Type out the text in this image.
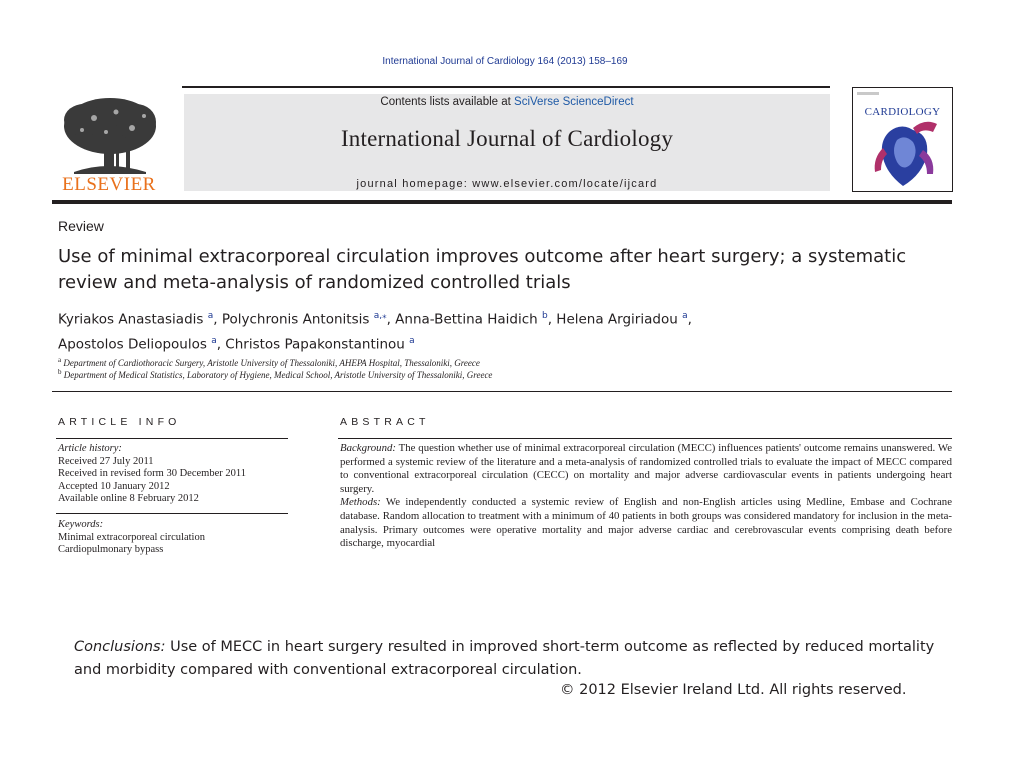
International Journal of Cardiology 164 (2013) 158–169
ELSEVIER
Contents lists available at SciVerse ScienceDirect
International Journal of Cardiology
journal homepage: www.elsevier.com/locate/ijcard
CARDIOLOGY
Review
Use of minimal extracorporeal circulation improves outcome after heart surgery; a systematic review and meta-analysis of randomized controlled trials
Kyriakos Anastasiadis $^a$, Polychronis Antonitsis $^{a,⁎}$, Anna-Bettina Haidich $^b$, Helena Argiriadou $^a$,
Apostolos Deliopoulos $^a$, Christos Papakonstantinou $^a$
$^a$ Department of Cardiothoracic Surgery, Aristotle University of Thessaloniki, AHEPA Hospital, Thessaloniki, Greece
$^b$ Department of Medical Statistics, Laboratory of Hygiene, Medical School, Aristotle University of Thessaloniki, Greece
ARTICLE INFO
Article history:
Received 27 July 2011
Received in revised form 30 December 2011
Accepted 10 January 2012
Available online 8 February 2012
Keywords:
Minimal extracorporeal circulation
Cardiopulmonary bypass
ABSTRACT
Background: The question whether use of minimal extracorporeal circulation (MECC) influences patients' outcome remains unanswered. We performed a systemic review of the literature and a meta-analysis of randomized controlled trials to evaluate the impact of MECC compared to conventional extracorporeal circulation (CECC) on mortality and major adverse cardiovascular events in patients undergoing heart surgery.
Methods: We independently conducted a systemic review of English and non-English articles using Medline, Embase and Cochrane database. Random allocation to treatment with a minimum of 40 patients in both groups was considered mandatory for inclusion in the meta-analysis. Primary outcomes were operative mortality and major adverse cardiac and cerebrovascular events comprising death before discharge, myocardial
Conclusions: Use of MECC in heart surgery resulted in improved short-term outcome as reflected by reduced mortality and morbidity compared with conventional extracorporeal circulation.
© 2012 Elsevier Ireland Ltd. All rights reserved.
